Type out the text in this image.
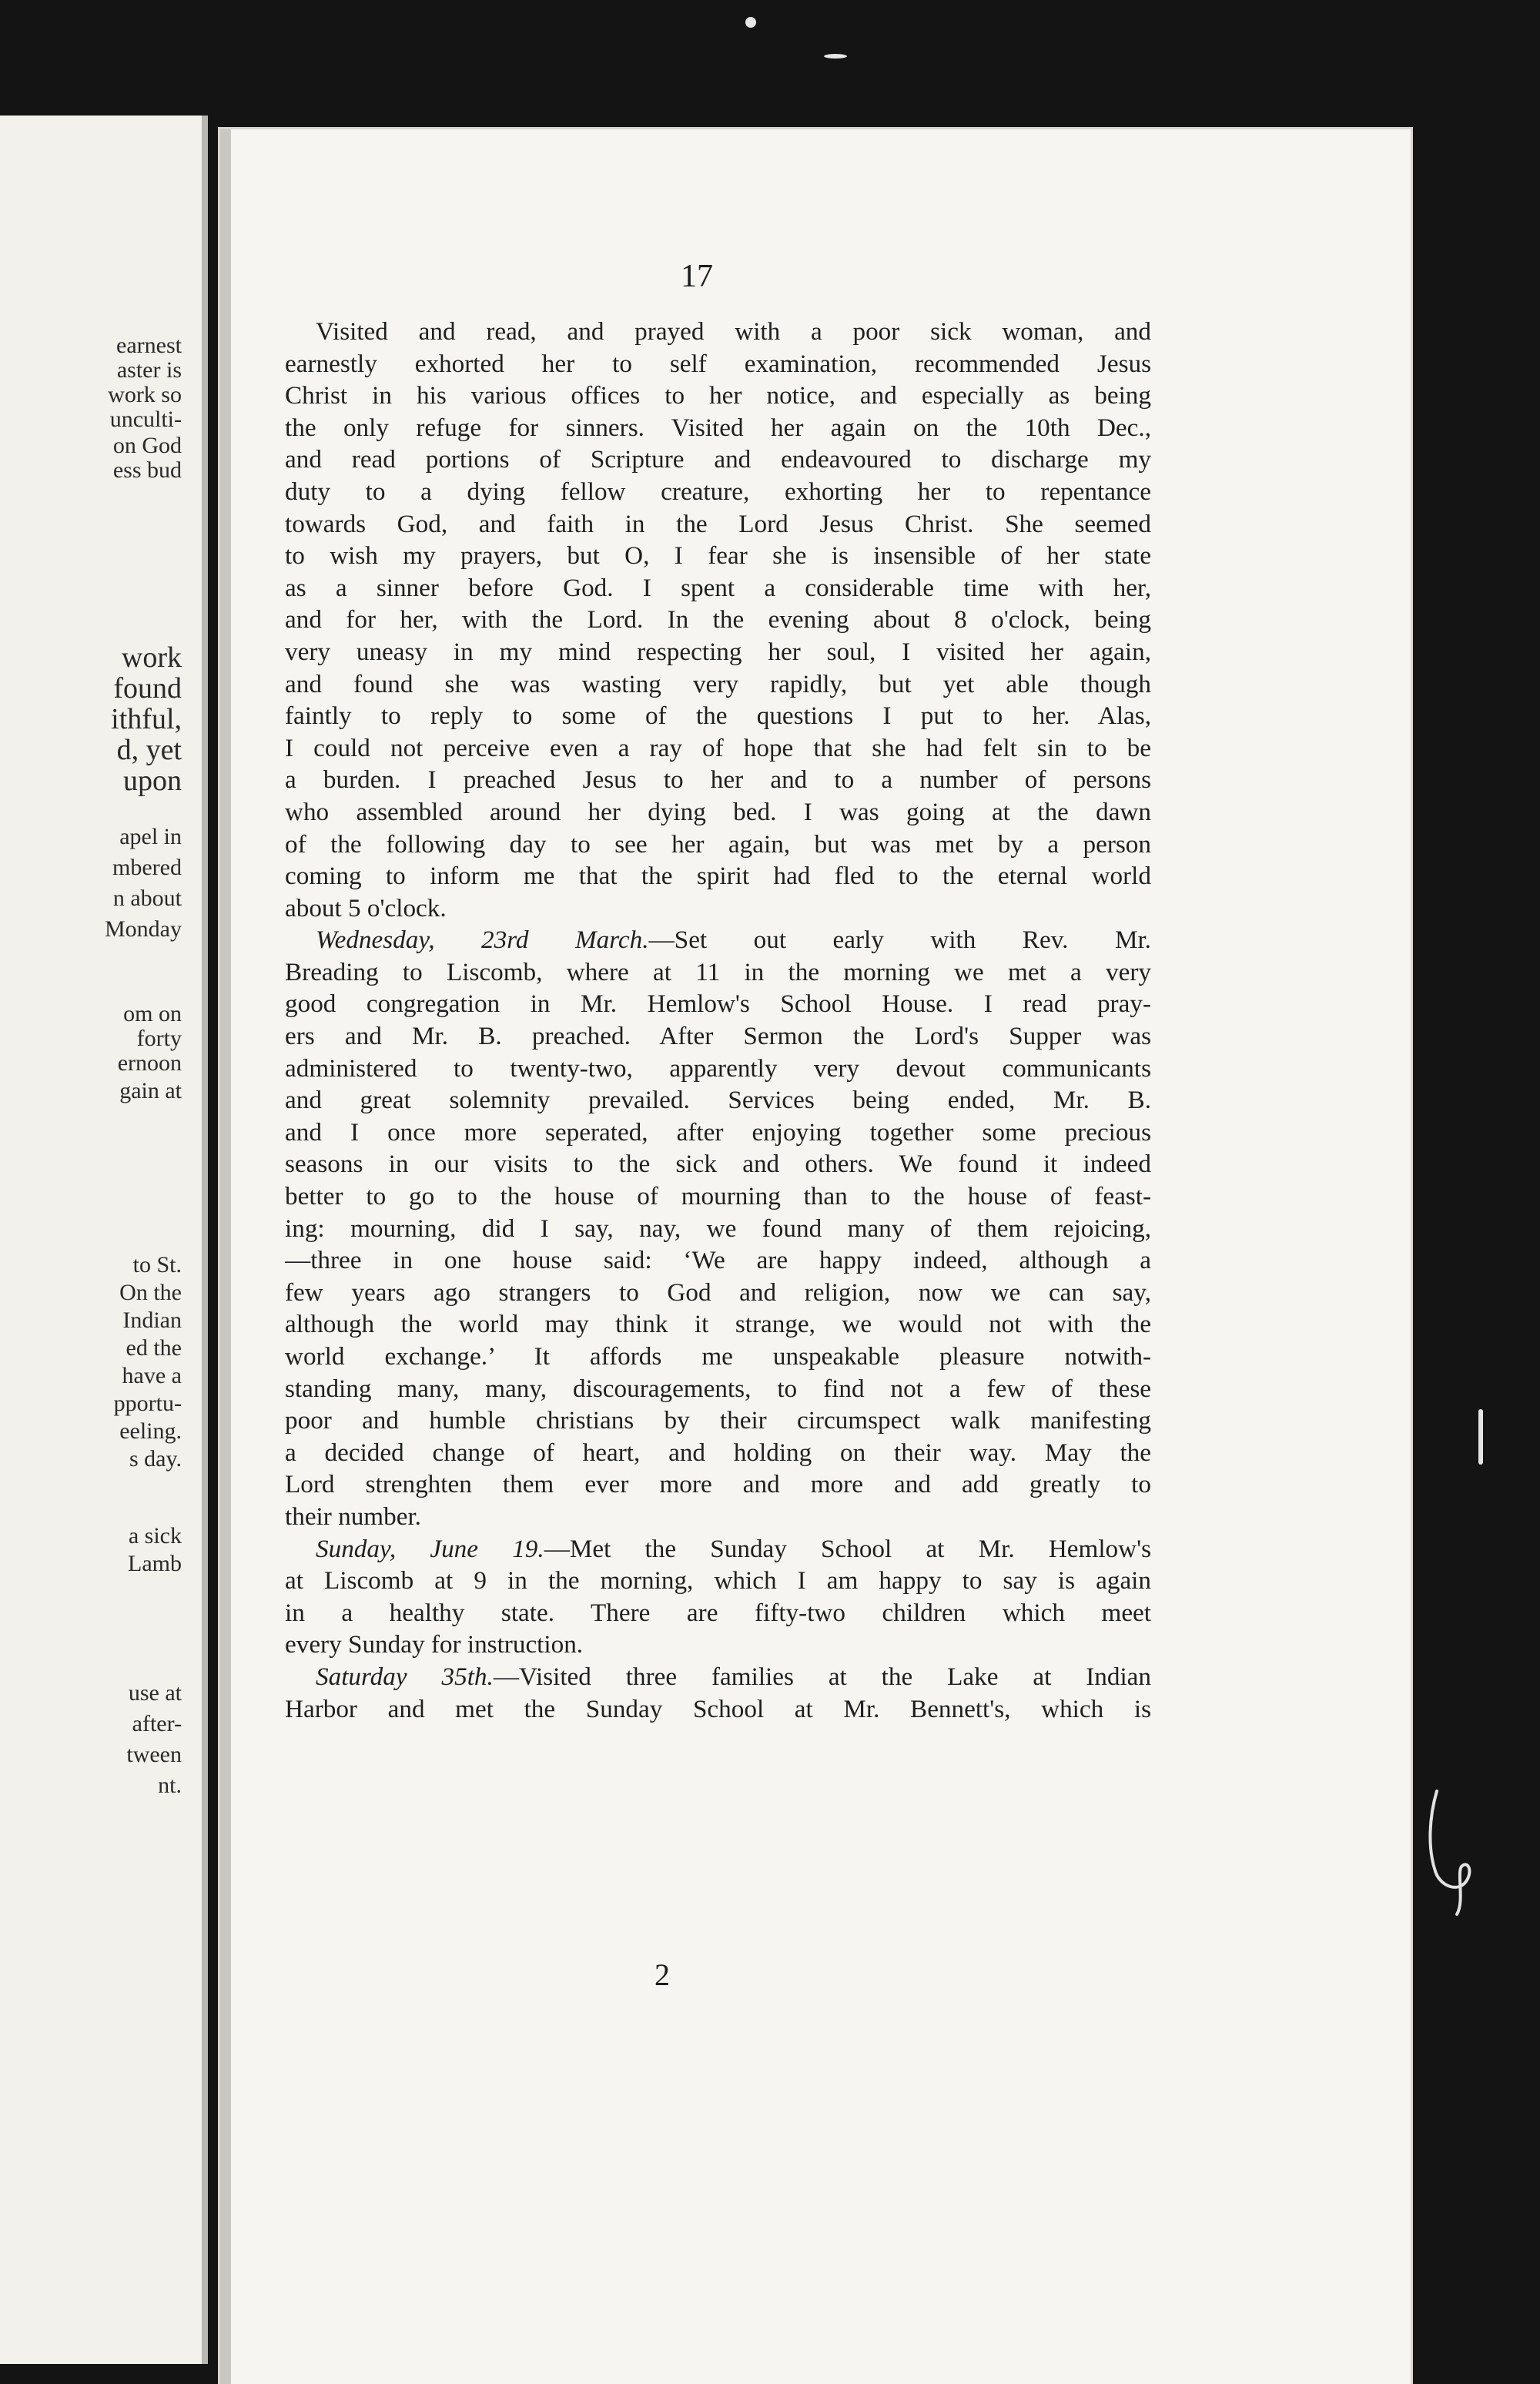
earnest
aster is
work so
unculti-
on God
ess bud
work
found
ithful,
d, yet
upon
apel in
mbered
n about
Monday
om on
forty
ernoon
gain at
to St.
On the
Indian
ed the
have a
pportu-
eeling.
s day.
a sick
Lamb
use at
after-
tween
nt.
17
Visited and read, and prayed with a poor sick woman, and
earnestly exhorted her to self examination, recommended Jesus
Christ in his various offices to her notice, and especially as being
the only refuge for sinners. Visited her again on the 10th Dec.,
and read portions of Scripture and endeavoured to discharge my
duty to a dying fellow creature, exhorting her to repentance
towards God, and faith in the Lord Jesus Christ. She seemed
to wish my prayers, but O, I fear she is insensible of her state
as a sinner before God. I spent a considerable time with her,
and for her, with the Lord. In the evening about 8 o'clock, being
very uneasy in my mind respecting her soul, I visited her again,
and found she was wasting very rapidly, but yet able though
faintly to reply to some of the questions I put to her. Alas,
I could not perceive even a ray of hope that she had felt sin to be
a burden. I preached Jesus to her and to a number of persons
who assembled around her dying bed. I was going at the dawn
of the following day to see her again, but was met by a person
coming to inform me that the spirit had fled to the eternal world
about 5 o'clock.
Wednesday, 23rd March.—Set out early with Rev. Mr.
Breading to Liscomb, where at 11 in the morning we met a very
good congregation in Mr. Hemlow's School House. I read pray-
ers and Mr. B. preached. After Sermon the Lord's Supper was
administered to twenty-two, apparently very devout communicants
and great solemnity prevailed. Services being ended, Mr. B.
and I once more seperated, after enjoying together some precious
seasons in our visits to the sick and others. We found it indeed
better to go to the house of mourning than to the house of feast-
ing: mourning, did I say, nay, we found many of them rejoicing,
—three in one house said: ‘We are happy indeed, although a
few years ago strangers to God and religion, now we can say,
although the world may think it strange, we would not with the
world exchange.’ It affords me unspeakable pleasure notwith-
standing many, many, discouragements, to find not a few of these
poor and humble christians by their circumspect walk manifesting
a decided change of heart, and holding on their way. May the
Lord strenghten them ever more and more and add greatly to
their number.
Sunday, June 19.—Met the Sunday School at Mr. Hemlow's
at Liscomb at 9 in the morning, which I am happy to say is again
in a healthy state. There are fifty-two children which meet
every Sunday for instruction.
Saturday 35th.—Visited three families at the Lake at Indian
Harbor and met the Sunday School at Mr. Bennett's, which is
2
